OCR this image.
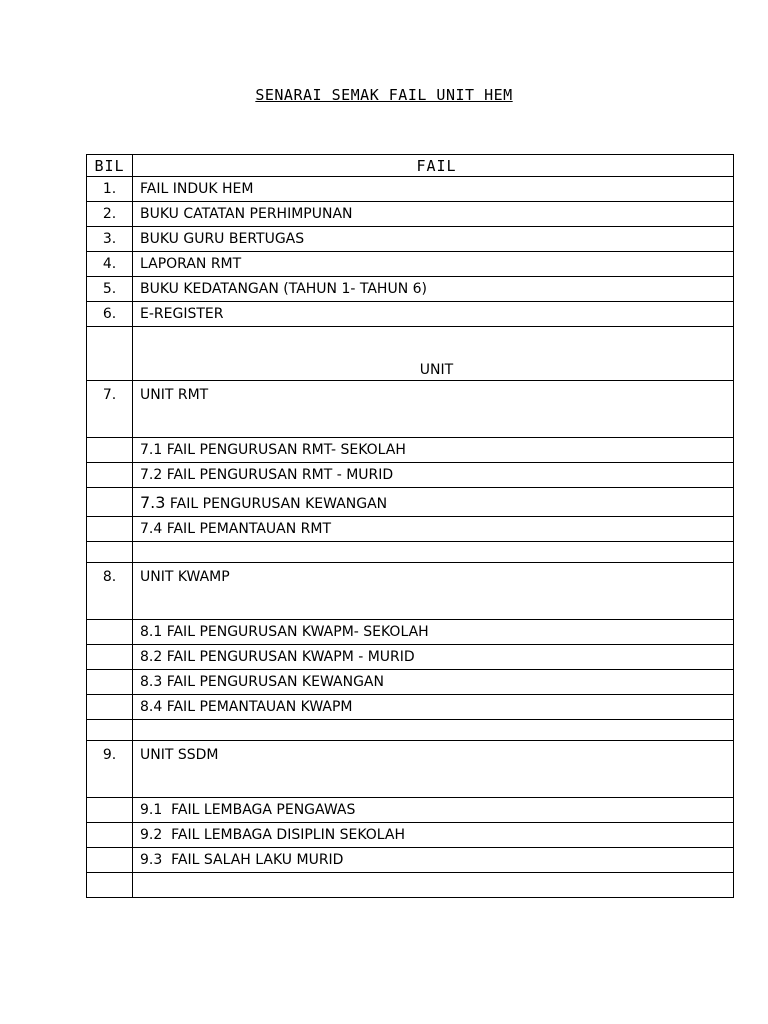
SENARAI SEMAK FAIL UNIT HEM
BIL	FAIL
1.	FAIL INDUK HEM
2.	BUKU CATATAN PERHIMPUNAN
3.	BUKU GURU BERTUGAS
4.	LAPORAN RMT
5.	BUKU KEDATANGAN (TAHUN 1- TAHUN 6)
6.	E-REGISTER
	UNIT
7.	UNIT RMT
	7.1 FAIL PENGURUSAN RMT- SEKOLAH
	7.2 FAIL PENGURUSAN RMT - MURID
	7.3 FAIL PENGURUSAN KEWANGAN
	7.4 FAIL PEMANTAUAN RMT

8.	UNIT KWAMP
	8.1 FAIL PENGURUSAN KWAPM- SEKOLAH
	8.2 FAIL PENGURUSAN KWAPM - MURID
	8.3 FAIL PENGURUSAN KEWANGAN
	8.4 FAIL PEMANTAUAN KWAPM

9.	UNIT SSDM
	9.1  FAIL LEMBAGA PENGAWAS
	9.2  FAIL LEMBAGA DISIPLIN SEKOLAH
	9.3  FAIL SALAH LAKU MURID
